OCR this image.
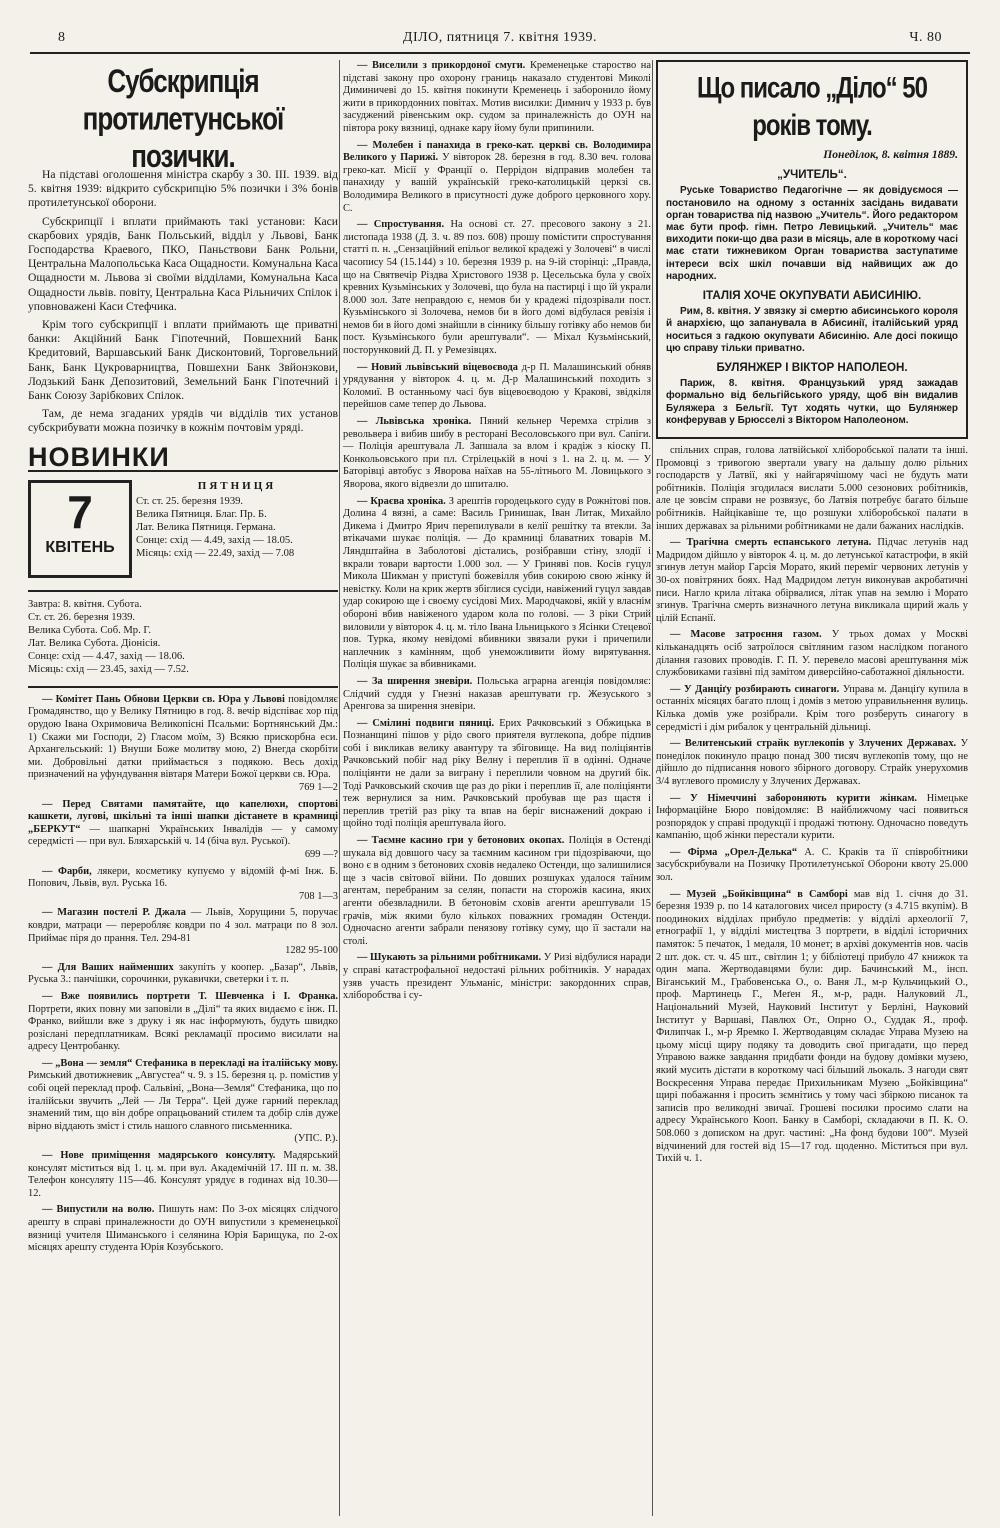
8	ДІЛО, пятниця 7. квітня 1939.	Ч. 80
Субскрипція протилетунської позички.

На підставі оголошення міністра скарбу з 30. III. 1939. від 5. квітня 1939: відкрито субскрипцію 5% позички і 3% бонів протилетунської оборони.

Субскрипції і вплати приймають такі установи: Каси скарбових урядів, Банк Польський, відділ у Львові, Банк Господарства Краевого, ПКО, Паньствови Банк Рольни, Центральна Малопольська Каса Ощадности. Комунальна Каса Ощадности м. Львова зі своїми відділами, Комунальна Каса Ощадности львів. повіту, Центральна Каса Рільничих Спілок і уповноважені Каси Стефчика.

Крім того субскрипції і вплати приймають ще приватні банки: Акційний Банк Гіпотечний, Повшехний Банк Кредитовий, Варшавський Банк Дисконтовий, Торговельний Банк, Банк Цукроварництва, Повшехни Банк Звйонзкови, Лодзький Банк Депозитовий, Земельний Банк Гіпотечний і Банк Союзу Зарібкових Спілок.

Там, де нема згаданих урядів чи відділів тих установ субскрибувати можна позичку в кожнім почтовім уряді.

НОВИНКИ
7
КВІТЕНЬ
ПЯТНИЦЯ
Ст. ст. 25. березня 1939.
Велика Пятниця. Благ. Пр. Б.
Лат. Велика Пятниця. Германа.
Сонце: схід — 4.49, захід — 18.05.
Місяць: схід — 22.49, захід — 7.08
Завтра: 8. квітня. Субота.
Ст. ст. 26. березня 1939.
Велика Субота. Соб. Мр. Г.
Лат. Велика Субота. Діонісія.
Сонце: схід — 4.47, захід — 18.06.
Місяць: схід — 23.45, захід — 7.52.

— Комітет Пань Обнови Церкви св. Юра у Львові повідомляє Громадянство, що у Велику Пятницю в год. 8. вечір відспіває хор під орудою Івана Охримовича Великопісні Псальми: Бортнянський Дм.: 1) Скажи ми Господи, 2) Гласом моїм, 3) Всякю прискорбна еси. Архангельський: 1) Внуши Боже молитву мою, 2) Внегда скорбіти ми. Добровільні датки приймається з подякою. Весь дохід призначений на уфундування вівтаря Матери Божої церкви св. Юра.
769 1—2

— Перед Святами памятайте, що капелюхи, спортові кашкети, лугові, шкільні та інші шапки дістанете в крамниці „БЕРКУТ“ — шапкарні Українських Інвалідів — у самому середмісті — при вул. Бляхарській ч. 14 (біча вул. Руської).
699 —?

— Фарби, лякери, косметику купуємо у відомій ф-мі Інж. Б. Попович, Львів, вул. Руська 16.
708 1—3

— Магазин постелі Р. Джала — Львів, Хорущини 5, поручає ковдри, матраци — переробляє ковдри по 4 зол. матраци по 8 зол. Приймає піря до прання. Тел. 294-81
1282 95-100

— Для Ваших найменших закупіть у коопер. „Базар“, Львів, Руська 3.: панчішки, сорочинки, рукавички, светерки і т. п.

— Вже появились портрети Т. Шевченка і І. Франка. Портрети, яких повну ми заповіли в „Ділі“ та яких видаємо є інж. П. Франко, вийшли вже з друку і як нас інформують, будуть швидко розіслані передплатникам. Всякі рекламації просимо висилати на адресу Центробанку.

— „Вона — земля“ Стефаника в перекладі на італійську мову. Римський двотижневик „Августеа“ ч. 9. з 15. березня ц. р. помістив у собі оцей переклад проф. Сальвіні, „Вона—Земля“ Стефаника, що по італійськи звучить „Лей — Ля Терра“. Цей дуже гарний переклад знамений тим, що він добре опрацьований стилем та добір слів дуже вірно віддають зміст і стиль нашого славного письменника.
(УПС. Р.).

— Нове приміщення мадярського консуляту. Мадярський консулят міститься від 1. ц. м. при вул. Академічній 17. ІІІ п. м. 38. Телефон консуляту 115—46. Консулят урядує в годинах від 10.30—12.

— Випустили на волю. Пишуть нам: По 3-ох місяцях слідчого арешту в справі приналежности до ОУН випустили з кременецької вязниці учителя Шиманського і селянина Юрія Барищука, по 2-ох місяцях арешту студента Юрія Козубського.

— Виселили з прикордоної смуги. Кременецьке староство на підставі закону про охорону границь наказало студентові Миколі Диминичеві до 15. квітня покинути Кременець і заборонило йому жити в прикордонних повітах. Мотив висилки: Димнич у 1933 р. був засуджений рівенським окр. судом за приналежність до ОУН на півтора року вязниці, однаке кару йому були припинили.

— Молебен і панахида в греко-кат. церкві св. Володимира Великого у Парижі. У вівторок 28. березня в год. 8.30 веч. голова греко-кат. Місії у Франції о. Перрідон відправив молебен та панахиду у вашій українській греко-католицькій церкзі св. Володимира Великого в присутності дуже доброго церковного хору. С.

— Спростування. На основі ст. 27. пресового закону з 21. листопада 1938 (Д. З. ч. 89 поз. 608) прошу помістити спростування статті п. н. „Сензаційний епільог великої крадежі у Золочеві“ в числі часопису 54 (15.144) з 10. березня 1939 р. на 9-ій сторінці: „Правда, що на Святвечір Різдва Христового 1938 р. Цесельська була у своїх кревних Кузьмінських у Золочеві, що була на пастирці і що їй украли 8.000 зол. Зате неправдою є, немов би у крадежі підозрівали пост. Кузьмінського зі Золочева, немов би в його домі відбулася ревізія і немов би в його домі знайшли в сіннику більшу готівку або немов би пост. Кузьмінського були арештували“. — Міхал Кузьмінський, посторунковий Д. П. у Ремезівцях.

— Новий львівський віцевоєвода д-р П. Малашинський обняв урядування у вівторок 4. ц. м. Д-р Малашинський походить з Коломиї. В останньому часі був віцевоєводою у Кракові, звідкіля перейшов саме тепер до Львова.

— Львівська хроніка. Пяний кельнер Черемха стрілив з револьвера і вибив шибу в ресторані Весоловського при вул. Сапіги. — Поліція арештувала Л. Запшала за влом і крадіж з кіоску П. Конкольовського при пл. Стрілецькій в ночі з 1. на 2. ц. м. — У Баторівці автобус з Яворова наїхав на 55-літнього М. Ловицького з Яворова, якого відвезли до шпиталю.

— Краєва хроніка. З арештів городецького суду в Рожнітові пов. Долина 4 вязні, а саме: Василь Гринишак, Іван Литак, Михайло Дикема і Дмитро Ярич перепилували в келії решітку та втекли. За втікачами шукає поліція. — До крамниці блаватних товарів М. Ляндштайна в Заболотові дістались, розібравши стіну, злодії і вкрали товари вартости 1.000 зол. — У Гриняві пов. Косів гуцул Микола Шикман у приступі божевілля убив сокирою свою жінку й невістку. Коли на крик жертв збіглися сусіди, навіжений гуцул завдав удар сокирою ще і своєму сусідові Мих. Мародчакові, якій у власнім обороні вбив навіженого ударом кола по голові. — З ріки Стрий виловили у вівторок 4. ц. м. тіло Івана Ільницького з Ясінки Стецевої пов. Турка, якому невідомі вбивники звязали руки і причепили наплечник з камінням, щоб унеможливити йому вирятування. Поліція шукає за вбивниками.

— За ширення зневіри. Польська аграрна агенція повідомляє: Слідчий суддя у Гнезні наказав арештувати гр. Жезуського з Аренгова за ширення зневіри.

— Смілині подвиги пяниці. Ерих Рачковський з Обжицька в Познанщині пішов у рідо свого приятеля вуглекопа, добре підпив собі і викликав велику авантуру та збіговище. На вид поліціянтів Рачковський побіг над ріку Велну і переплив її в одінні. Одначе поліціянти не дали за виграну і переплили човном на другий бік. Тоді Рачковський скочив ще раз до ріки і переплив її, але поліціянти теж вернулися за ним. Рачковський пробував ще раз щастя і переплив третій раз ріку та впав на беріг виснажений докраю і щойно тоді поліція арештувала його.

— Таємне касино гри у бетонових окопах. Поліція в Остенді шукала від довшого часу за таємним касином гри підозріваючи, що воно є в одним з бетонових сховів недалеко Остенди, що залишилися ще з часів світової війни. По довших розшуках удалося таїним агентам, перебраним за селян, попасти на сторожів касина, яких агенти обезвладнили. В бетоновім сховів агенти арештували 15 грачів, між якими було кількох поважних громадян Остенди. Одночасно агенти забрали пенязову готівку суму, що її застали на столі.

— Шукають за рільними робітниками. У Ризі відбулися наради у справі катастрофальної недостачі рільних робітників. У нарадах узяв участь президент Ульманіс, міністри: закордонних справ, хліборобства і су-

Що писало „Діло“ 50 років тому.
Понеділок, 8. квітня 1889.
„УЧИТЕЛЬ“.

Руське Товариство Педагогічне — як довідуємося — постановило на одному з останніх засідань видавати орган товариства під назвою „Учитель“. Його редактором має бути проф. гімн. Петро Левицький. „Учитель“ має виходити поки-що два рази в місяць, але в короткому часі має стати тижневиком Орган товариства заступатиме інтереси всіх шкіл почавши від найвищих аж до народних.

ІТАЛІЯ ХОЧЕ ОКУПУВАТИ АБИСИНІЮ.

Рим, 8. квітня. У звязку зі смертю абисинського короля й анархією, що запанувала в Абисинії, італійський уряд носиться з гадкою окупувати Абисинію. Але досі покищо цю справу тільки приватно.

БУЛЯНЖЕР І ВІКТОР НАПОЛЕОН.

Париж, 8. квітня. Французький уряд зажадав формально від бельгійського уряду, щоб він видалив Буляжера з Бельгії. Тут ходять чутки, що Булянжер конферував у Брюсселі з Віктором Наполеоном.

спільних справ, голова латвійської хліборобської палати та інші. Промовці з тривогою звертали увагу на дальшу долю рільних господарств у Латвії, які у найгарячішому часі не будуть мати робітників. Поліція згодилася вислати 5.000 сезонових робітників, але це зовсім справи не розвязує, бо Латвія потребує багато більше робітників. Найцікавіше те, що розшуки хліборобської палати в інших державах за рільними робітниками не дали бажаних наслідків.

— Трагічна смерть еспанського летуна. Підчас летунів над Мадридом дійшло у вівторок 4. ц. м. до летунської катастрофи, в якій згинув летун майор Гарсія Морато, який переміг червоних летунів у 30-ох повітряних боях. Над Мадридом летун виконував акробатичні писи. Нагло крила літака обірвалися, літак упав на землю і Морато згинув. Трагічна смерть визначного летуна викликала щирий жаль у цілій Еспанії.

— Масове затроєння газом. У трьох домах у Москві кільканадцять осіб затроїлося світляним газом наслідком поганого ділання газових проводів. Г. П. У. перевело масові арештування між службовиками газівні під замітом диверсійно-саботажної діяльности.

— У Данціґу розбирають синагоги. Управа м. Данціґу купила в останніх місяцях багато площ і домів з метою управильнення вулиць. Кілька домів уже розібрали. Крім того розберуть синагогу в середмісті і дім рибалок у центральній дільниці.

— Велитенський страйк вуглекопів у Злучених Державах. У понеділок покинуло працю понад 300 тисяч вуглекопів тому, що не дійшло до підписання нового збірного договору. Страйк унерухомив 3/4 вуглевого промислу у Злучених Державах.

— У Німеччині забороняють курити жінкам. Німецьке Інформаційне Бюро повідомляє: В найближчому часі появиться розпорядок у справі продукції і продажі тютюну. Одночасно поведуть кампанію, щоб жінки перестали курити.

— Фірма „Орел-Делька“ А. С. Краків та її співробітники засубскрибували на Позичку Протилетунської Оборони квоту 25.000 зол.

— Музей „Бойківщина“ в Самборі мав від 1. січня до 31. березня 1939 р. по 14 каталогових чисел приросту (з 4.715 вкупім). В поодиноких відділах прибуло предметів: у відділі археології 7, етнографії 1, у відділі мистецтва 3 портрети, в відділі історичних памяток: 5 печаток, 1 медаля, 10 монет; в архіві документів нов. часів 2 шт. док. ст. ч. 45 шт., світлин 1; у бібліотеці прибуло 47 книжок та один мапа. Жертводавцями були: дир. Бачинський М., інсп. Віганський М., Грабовенська О., о. Ваня Л., м-р Кульчицький О., проф. Мартинець Г., Меґен Я., м-р, радн. Налуковий Л., Національний Музей, Науковий Інститут у Берліні, Науковий Інститут у Варшаві, Павлюх От., Опрно О., Суддак Я., проф. Филипчак І., м-р Яремко І. Жертводавцям складає Управа Музею на цьому місці щиру подяку та доводить свої пригадати, що перед Управою важке завдання придбати фонди на будову домівки музею, який мусить дістати в короткому часі більший льокаль. З нагоди свят Воскресення Управа передає Прихильникам Музею „Бойківщина“ щирі побажання і просить зємнітись у тому часі збіркою писанок та записів про великодні звичаї. Грошеві посилки просимо слати на адресу Українського Кооп. Банку в Самборі, складаючи в П. К. О. 508.060 з дописком на друг. частині: „На фонд будови 100“. Музей відчинений для гостей від 15—17 год. щоденно. Міститься при вул. Тихій ч. 1.
